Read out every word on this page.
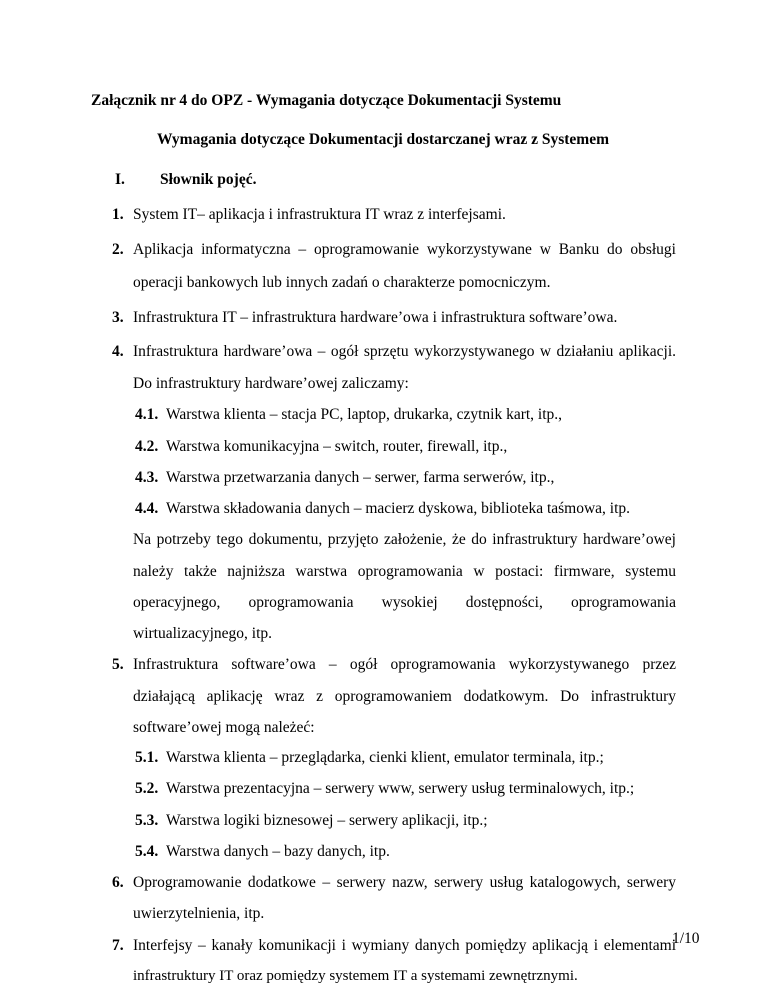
Załącznik nr 4 do OPZ - Wymagania dotyczące Dokumentacji Systemu
Wymagania dotyczące Dokumentacji dostarczanej wraz z Systemem
I. Słownik pojęć.
1. System IT– aplikacja i infrastruktura IT wraz z interfejsami.
2. Aplikacja informatyczna – oprogramowanie wykorzystywane w Banku do obsługi
operacji bankowych lub innych zadań o charakterze pomocniczym.
3. Infrastruktura IT – infrastruktura hardware’owa i infrastruktura software’owa.
4. Infrastruktura hardware’owa – ogół sprzętu wykorzystywanego w działaniu aplikacji.
Do infrastruktury hardware’owej zaliczamy:
4.1. Warstwa klienta – stacja PC, laptop, drukarka, czytnik kart, itp.,
4.2. Warstwa komunikacyjna – switch, router, firewall, itp.,
4.3. Warstwa przetwarzania danych – serwer, farma serwerów, itp.,
4.4. Warstwa składowania danych – macierz dyskowa, biblioteka taśmowa, itp.
Na potrzeby tego dokumentu, przyjęto założenie, że do infrastruktury hardware’owej
należy także najniższa warstwa oprogramowania w postaci: firmware, systemu
operacyjnego, oprogramowania wysokiej dostępności, oprogramowania
wirtualizacyjnego, itp.
5. Infrastruktura software’owa – ogół oprogramowania wykorzystywanego przez
działającą aplikację wraz z oprogramowaniem dodatkowym. Do infrastruktury
software’owej mogą należeć:
5.1. Warstwa klienta – przeglądarka, cienki klient, emulator terminala, itp.;
5.2. Warstwa prezentacyjna – serwery www, serwery usług terminalowych, itp.;
5.3. Warstwa logiki biznesowej – serwery aplikacji, itp.;
5.4. Warstwa danych – bazy danych, itp.
6. Oprogramowanie dodatkowe – serwery nazw, serwery usług katalogowych, serwery
uwierzytelnienia, itp.
7. Interfejsy – kanały komunikacji i wymiany danych pomiędzy aplikacją i elementami
infrastruktury IT oraz pomiędzy systemem IT a systemami zewnętrznymi.
1/10
